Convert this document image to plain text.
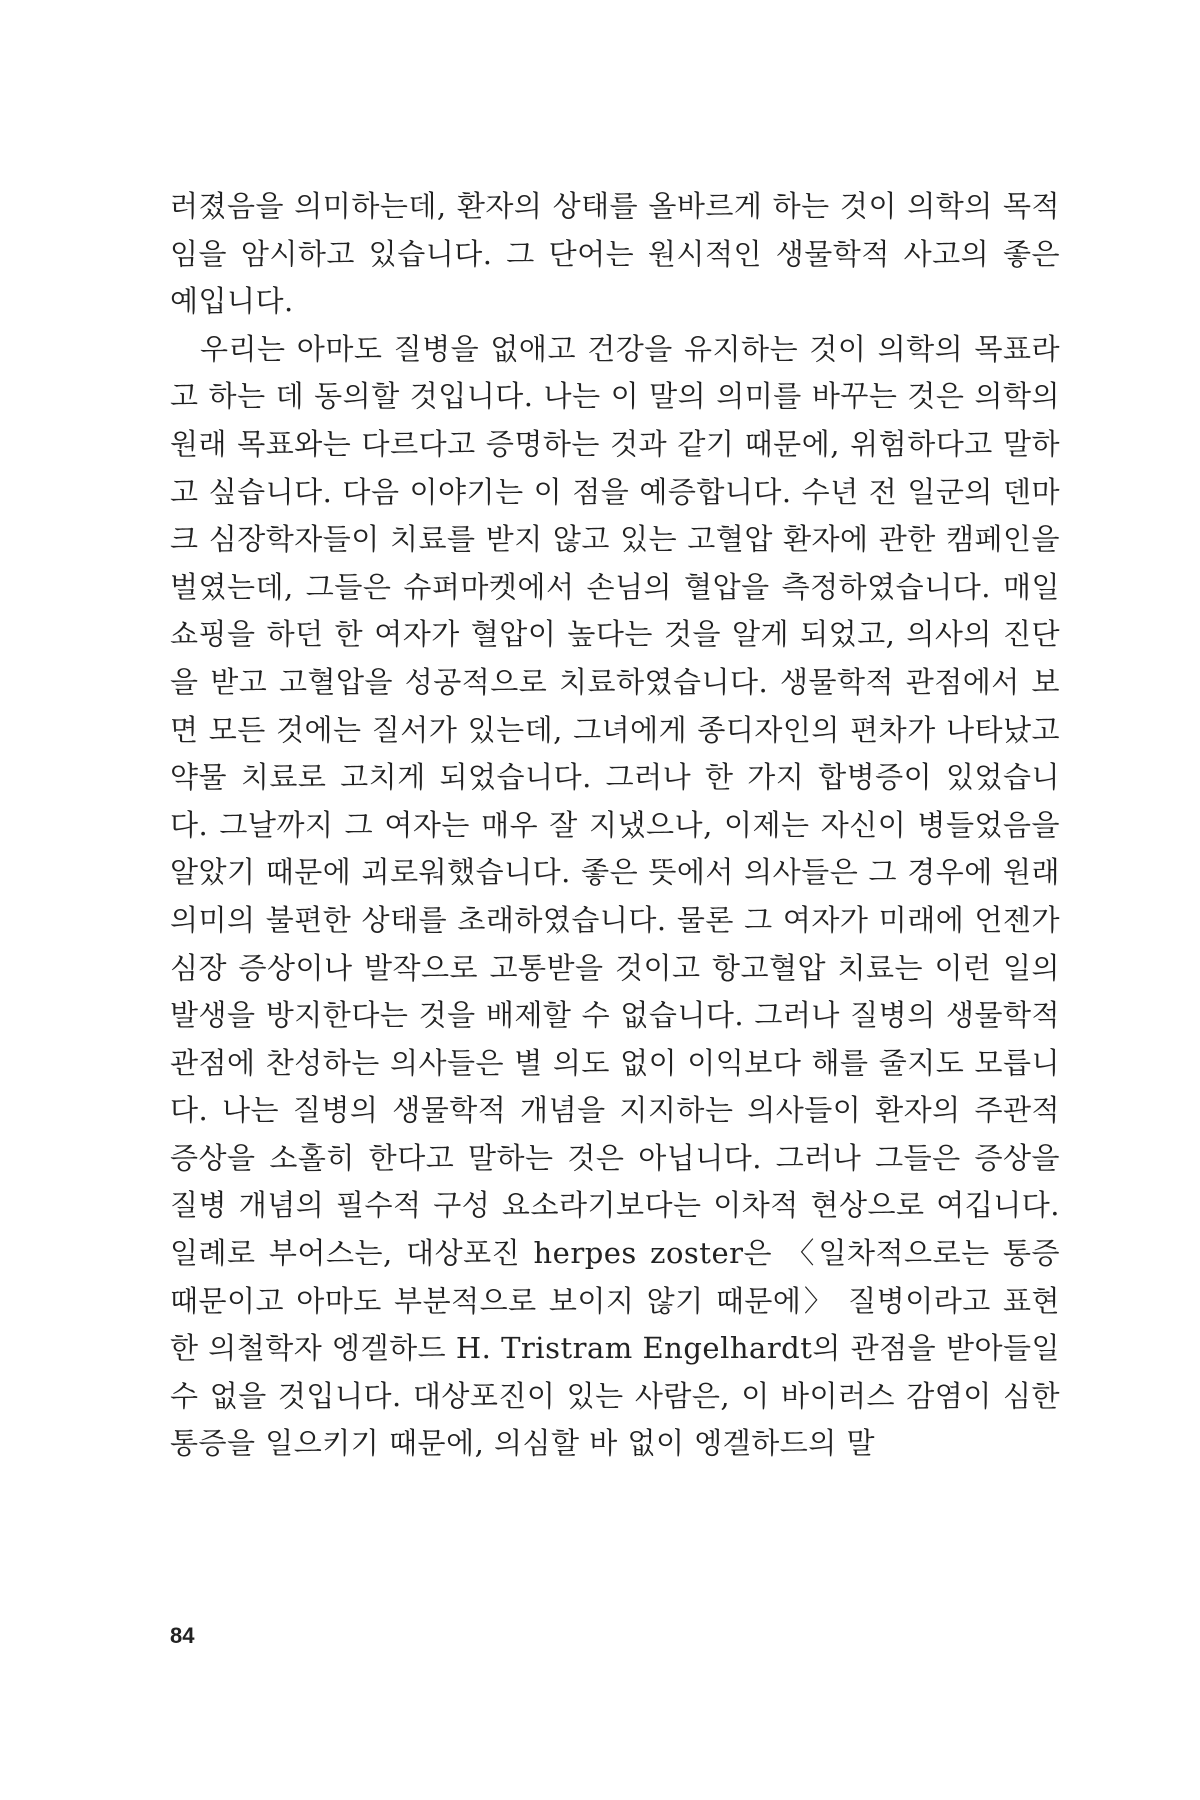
러졌음을 의미하는데, 환자의 상태를 올바르게 하는 것이 의학의 목적임을 암시하고 있습니다. 그 단어는 원시적인 생물학적 사고의 좋은 예입니다.

우리는 아마도 질병을 없애고 건강을 유지하는 것이 의학의 목표라고 하는 데 동의할 것입니다. 나는 이 말의 의미를 바꾸는 것은 의학의 원래 목표와는 다르다고 증명하는 것과 같기 때문에, 위험하다고 말하고 싶습니다. 다음 이야기는 이 점을 예증합니다. 수년 전 일군의 덴마크 심장학자들이 치료를 받지 않고 있는 고혈압 환자에 관한 캠페인을 벌였는데, 그들은 슈퍼마켓에서 손님의 혈압을 측정하였습니다. 매일 쇼핑을 하던 한 여자가 혈압이 높다는 것을 알게 되었고, 의사의 진단을 받고 고혈압을 성공적으로 치료하였습니다. 생물학적 관점에서 보면 모든 것에는 질서가 있는데, 그녀에게 종디자인의 편차가 나타났고 약물 치료로 고치게 되었습니다. 그러나 한 가지 합병증이 있었습니다. 그날까지 그 여자는 매우 잘 지냈으나, 이제는 자신이 병들었음을 알았기 때문에 괴로워했습니다. 좋은 뜻에서 의사들은 그 경우에 원래 의미의 불편한 상태를 초래하였습니다. 물론 그 여자가 미래에 언젠가 심장 증상이나 발작으로 고통받을 것이고 항고혈압 치료는 이런 일의 발생을 방지한다는 것을 배제할 수 없습니다. 그러나 질병의 생물학적 관점에 찬성하는 의사들은 별 의도 없이 이익보다 해를 줄지도 모릅니다. 나는 질병의 생물학적 개념을 지지하는 의사들이 환자의 주관적 증상을 소홀히 한다고 말하는 것은 아닙니다. 그러나 그들은 증상을 질병 개념의 필수적 구성 요소라기보다는 이차적 현상으로 여깁니다. 일례로 부어스는, 대상포진 herpes zoster은 〈일차적으로는 통증 때문이고 아마도 부분적으로 보이지 않기 때문에〉 질병이라고 표현한 의철학자 엥겔하드 H. Tristram Engelhardt의 관점을 받아들일 수 없을 것입니다. 대상포진이 있는 사람은, 이 바이러스 감염이 심한 통증을 일으키기 때문에, 의심할 바 없이 엥겔하드의 말

84
